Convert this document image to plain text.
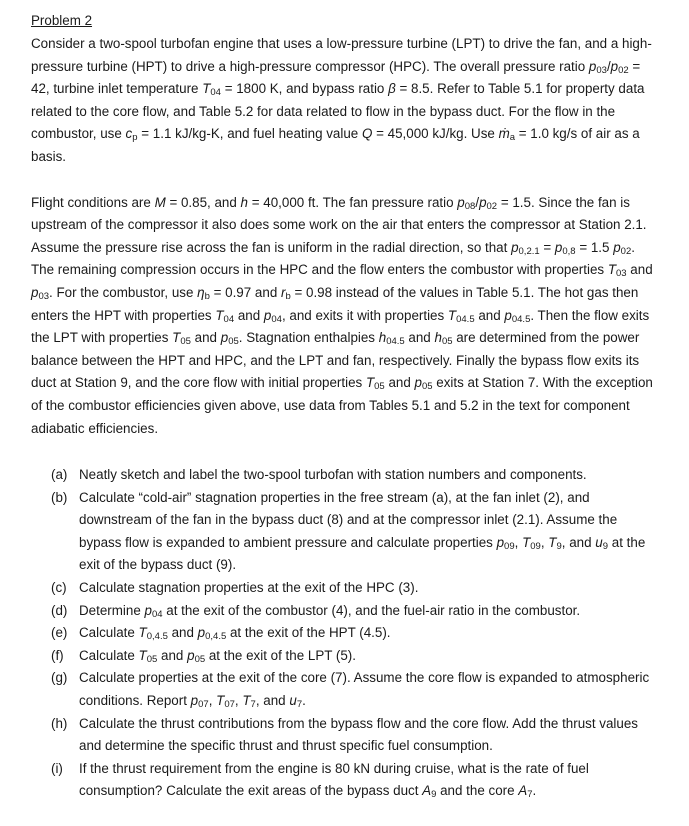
Problem 2

Consider a two-spool turbofan engine that uses a low-pressure turbine (LPT) to drive the fan, and a high-pressure turbine (HPT) to drive a high-pressure compressor (HPC). The overall pressure ratio $p_{03}/p_{02} = 42$, turbine inlet temperature $T_{04} = 1800$ K, and bypass ratio β = 8.5. Refer to Table 5.1 for property data related to the core flow, and Table 5.2 for data related to flow in the bypass duct. For the flow in the combustor, use $c_p = 1.1$ kJ/kg-K, and fuel heating value Q = 45,000 kJ/kg. Use ṁ$_a$ = 1.0 kg/s of air as a basis.

Flight conditions are M = 0.85, and h = 40,000 ft. The fan pressure ratio $p_{08}/p_{02} = 1.5$. Since the fan is upstream of the compressor it also does some work on the air that enters the compressor at Station 2.1. Assume the pressure rise across the fan is uniform in the radial direction, so that $p_{0,2.1} = p_{0,8} = 1.5$ $p_{02}$. The remaining compression occurs in the HPC and the flow enters the combustor with properties $T_{03}$ and $p_{03}$. For the combustor, use $\eta_b = 0.97$ and $r_b = 0.98$ instead of the values in Table 5.1. The hot gas then enters the HPT with properties $T_{04}$ and $p_{04}$, and exits it with properties $T_{04.5}$ and $p_{04.5}$. Then the flow exits the LPT with properties $T_{05}$ and $p_{05}$. Stagnation enthalpies $h_{04.5}$ and $h_{05}$ are determined from the power balance between the HPT and HPC, and the LPT and fan, respectively. Finally the bypass flow exits its duct at Station 9, and the core flow with initial properties $T_{05}$ and $p_{05}$ exits at Station 7. With the exception of the combustor efficiencies given above, use data from Tables 5.1 and 5.2 in the text for component adiabatic efficiencies.

(a) Neatly sketch and label the two-spool turbofan with station numbers and components.
(b) Calculate “cold-air” stagnation properties in the free stream (a), at the fan inlet (2), and downstream of the fan in the bypass duct (8) and at the compressor inlet (2.1). Assume the bypass flow is expanded to ambient pressure and calculate properties $p_{09}$, $T_{09}$, $T_9$, and $u_9$ at the exit of the bypass duct (9).
(c) Calculate stagnation properties at the exit of the HPC (3).
(d) Determine $p_{04}$ at the exit of the combustor (4), and the fuel-air ratio in the combustor.
(e) Calculate $T_{0,4.5}$ and $p_{0,4.5}$ at the exit of the HPT (4.5).
(f) Calculate $T_{05}$ and $p_{05}$ at the exit of the LPT (5).
(g) Calculate properties at the exit of the core (7). Assume the core flow is expanded to atmospheric conditions. Report $p_{07}$, $T_{07}$, $T_7$, and $u_7$.
(h) Calculate the thrust contributions from the bypass flow and the core flow. Add the thrust values and determine the specific thrust and thrust specific fuel consumption.
(i) If the thrust requirement from the engine is 80 kN during cruise, what is the rate of fuel consumption? Calculate the exit areas of the bypass duct $A_9$ and the core $A_7$.
